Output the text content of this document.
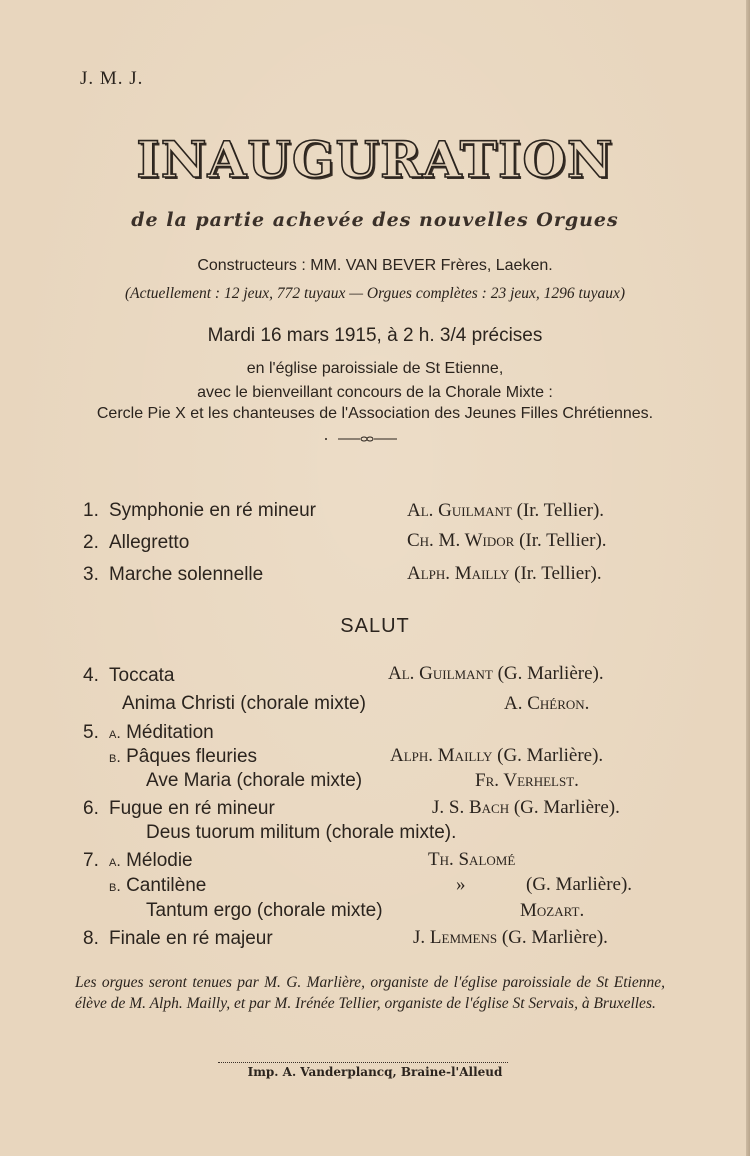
J. M. J.
INAUGURATION
de la partie achevée des nouvelles Orgues
Constructeurs : MM. VAN BEVER Frères, Laeken.
(Actuellement : 12 jeux, 772 tuyaux — Orgues complètes : 23 jeux, 1296 tuyaux)
Mardi 16 mars 1915, à 2 h. 3/4 précises
en l'église paroissiale de St Etienne,
avec le bienveillant concours de la Chorale Mixte :
Cercle Pie X et les chanteuses de l'Association des Jeunes Filles Chrétiennes.
1. Symphonie en ré mineur	Al. Guilmant (Ir. Tellier).
2. Allegretto	Ch. M. Widor (Ir. Tellier).
3. Marche solennelle	Alph. Mailly (Ir. Tellier).
SALUT
4. Toccata	Al. Guilmant (G. Marlière).
Anima Christi (chorale mixte)	A. Chéron.
5. a. Méditation
b. Pâques fleuries	Alph. Mailly (G. Marlière).
Ave Maria (chorale mixte)	Fr. Verhelst.
6. Fugue en ré mineur	J. S. Bach (G. Marlière).
Deus tuorum militum (chorale mixte).
7. a. Mélodie	Th. Salomé
b. Cantilène	»	(G. Marlière).
Tantum ergo (chorale mixte)	Mozart.
8. Finale en ré majeur	J. Lemmens (G. Marlière).
Les orgues seront tenues par M. G. Marlière, organiste de l'église paroissiale de St Etienne, élève de M. Alph. Mailly, et par M. Irénée Tellier, organiste de l'église St Servais, à Bruxelles.
Imp. A. Vanderplancq, Braine-l'Alleud
